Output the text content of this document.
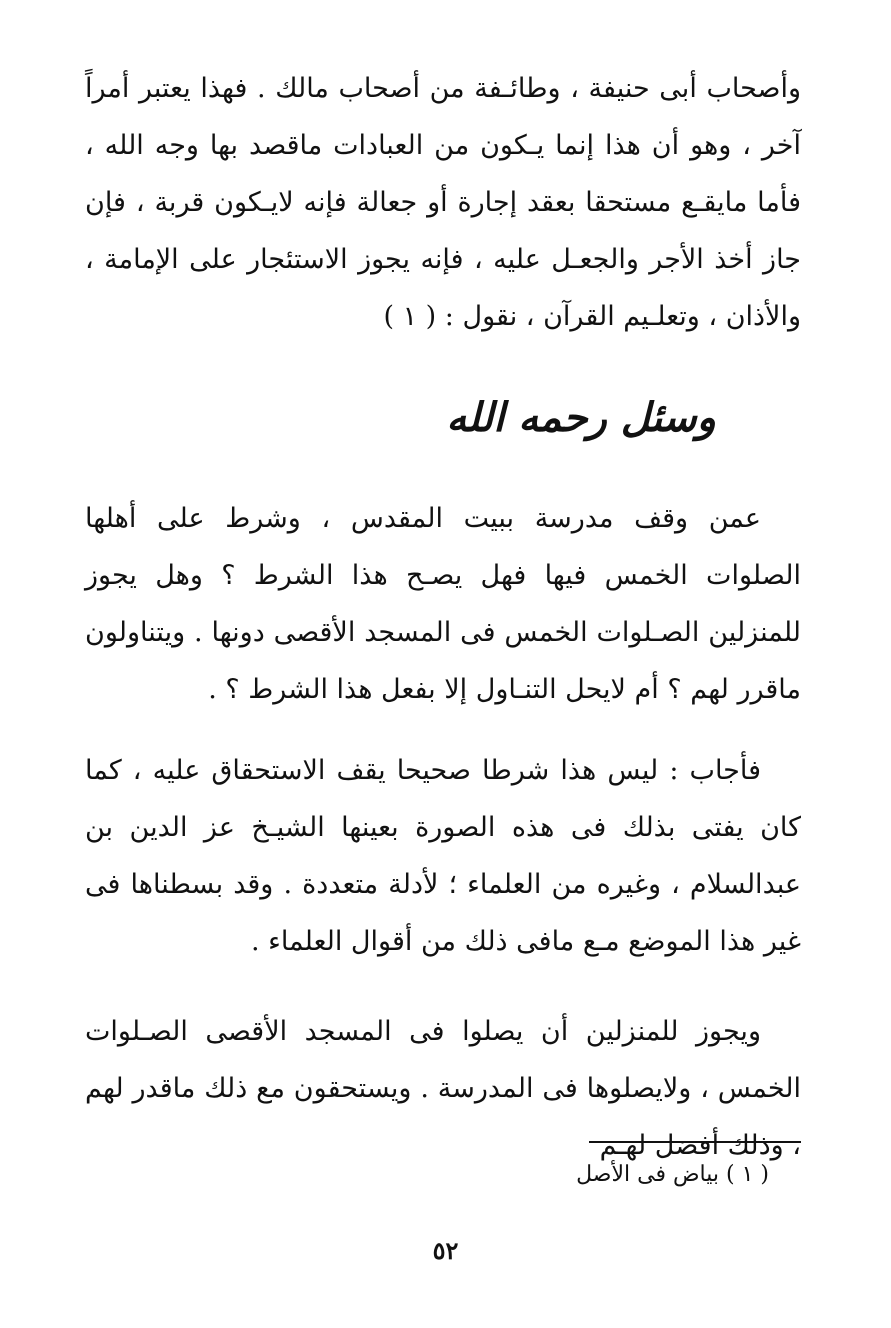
وأصحاب أبى حنيفة ، وطائـفة من أصحاب مالك . فهذا يعتبر أمراً آخر ، وهو أن هذا إنما يـكون من العبادات ماقصد بها وجه الله ، فأما مايقـع مستحقا بعقد إجارة أو جعالة فإنه لايـكون قربة ، فإن جاز أخذ الأجر والجعـل عليه ، فإنه يجوز الاستئجار على الإمامة ، والأذان ، وتعلـيم القرآن ، نقول : ( ١ )

وسئل رحمه الله

عمن وقف مدرسة ببيت المقدس ، وشرط على أهلها الصلوات الخمس فيها فهل يصـح هذا الشرط ؟ وهل يجوز للمنزلين الصـلوات الخمس فى المسجد الأقصى دونها . ويتناولون ماقرر لهم ؟ أم لايحل التنـاول إلا بفعل هذا الشرط ؟ .

فأجاب : ليس هذا شرطا صحيحا يقف الاستحقاق عليه ، كما كان يفتى بذلك فى هذه الصورة بعينها الشيـخ عز الدين بن عبدالسلام ، وغيره من العلماء ؛ لأدلة متعددة . وقد بسطناها فى غير هذا الموضع مـع مافى ذلك من أقوال العلماء .

ويجوز للمنزلين أن يصلوا فى المسجد الأقصى الصـلوات الخمس ، ولايصلوها فى المدرسة . ويستحقون مع ذلك ماقدر لهم ، وذلك أفضل لهـم

( ١ ) بياض فى الأصل

٥٢
